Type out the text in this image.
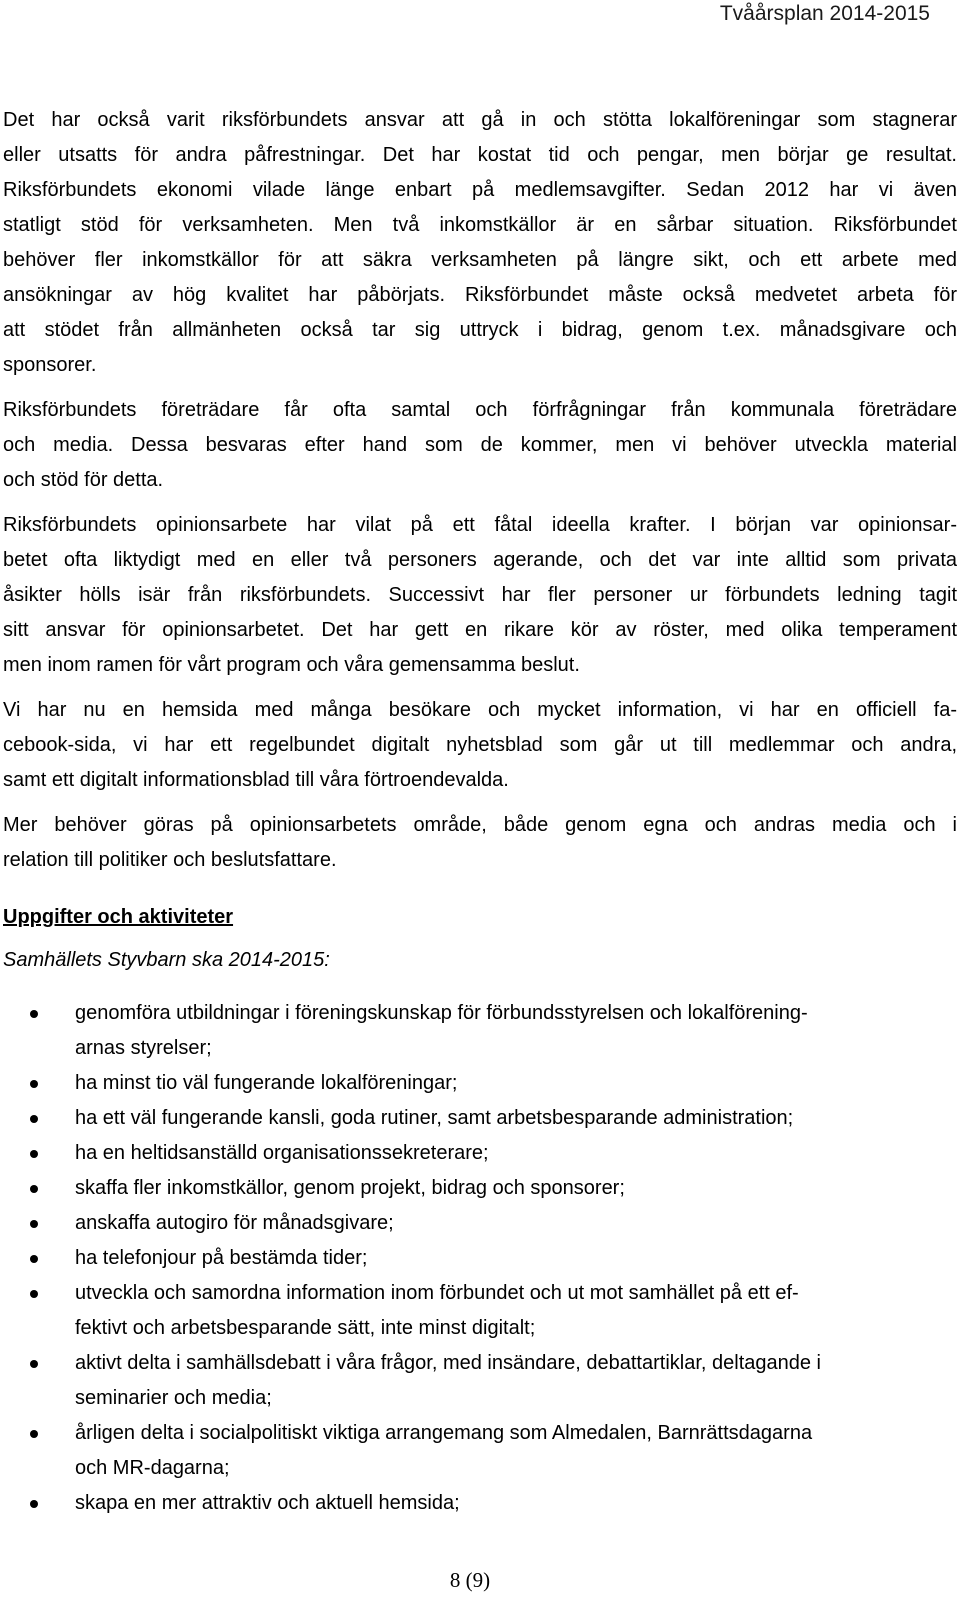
Tvåårsplan 2014-2015

Det har också varit riksförbundets ansvar att gå in och stötta lokalföreningar som stagnerar
eller utsatts för andra påfrestningar. Det har kostat tid och pengar, men börjar ge resultat.
Riksförbundets ekonomi vilade länge enbart på medlemsavgifter. Sedan 2012 har vi även
statligt stöd för verksamheten. Men två inkomstkällor är en sårbar situation. Riksförbundet
behöver fler inkomstkällor för att säkra verksamheten på längre sikt, och ett arbete med
ansökningar av hög kvalitet har påbörjats. Riksförbundet måste också medvetet arbeta för
att stödet från allmänheten också tar sig uttryck i bidrag, genom t.ex. månadsgivare och
sponsorer.

Riksförbundets företrädare får ofta samtal och förfrågningar från kommunala företrädare
och media. Dessa besvaras efter hand som de kommer, men vi behöver utveckla material
och stöd för detta.

Riksförbundets opinionsarbete har vilat på ett fåtal ideella krafter. I början var opinionsar-
betet ofta liktydigt med en eller två personers agerande, och det var inte alltid som privata
åsikter hölls isär från riksförbundets. Successivt har fler personer ur förbundets ledning tagit
sitt ansvar för opinionsarbetet. Det har gett en rikare kör av röster, med olika temperament
men inom ramen för vårt program och våra gemensamma beslut.

Vi har nu en hemsida med många besökare och mycket information, vi har en officiell fa-
cebook-sida, vi har ett regelbundet digitalt nyhetsblad som går ut till medlemmar och andra,
samt ett digitalt informationsblad till våra förtroendevalda.

Mer behöver göras på opinionsarbetets område, både genom egna och andras media och i
relation till politiker och beslutsfattare.

Uppgifter och aktiviteter

Samhällets Styvbarn ska 2014-2015:

genomföra utbildningar i föreningskunskap för förbundsstyrelsen och lokalförening-
arnas styrelser;
ha minst tio väl fungerande lokalföreningar;
ha ett väl fungerande kansli, goda rutiner, samt arbetsbesparande administration;
ha en heltidsanställd organisationssekreterare;
skaffa fler inkomstkällor, genom projekt, bidrag och sponsorer;
anskaffa autogiro för månadsgivare;
ha telefonjour på bestämda tider;
utveckla och samordna information inom förbundet och ut mot samhället på ett ef-
fektivt och arbetsbesparande sätt, inte minst digitalt;
aktivt delta i samhällsdebatt i våra frågor, med insändare, debattartiklar, deltagande i
seminarier och media;
årligen delta i socialpolitiskt viktiga arrangemang som Almedalen, Barnrättsdagarna
och MR-dagarna;
skapa en mer attraktiv och aktuell hemsida;
8 (9)
